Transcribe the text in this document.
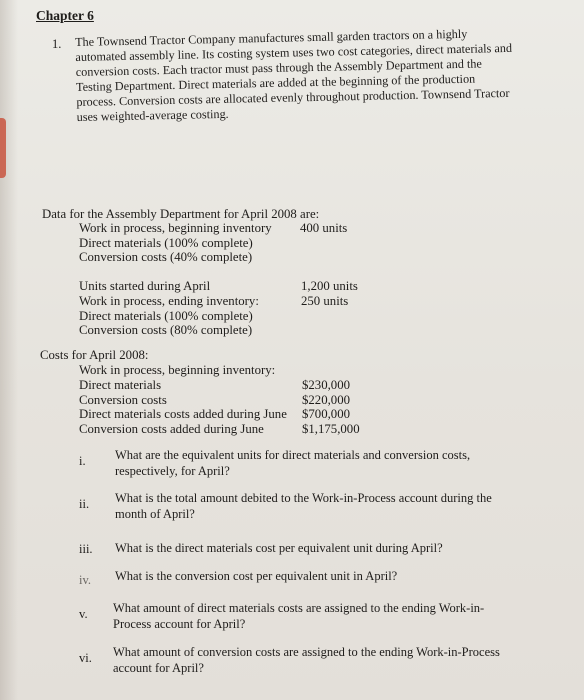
Chapter 6
1. The Townsend Tractor Company manufactures small garden tractors on a highly automated assembly line. Its costing system uses two cost categories, direct materials and conversion costs. Each tractor must pass through the Assembly Department and the Testing Department. Direct materials are added at the beginning of the production process. Conversion costs are allocated evenly throughout production. Townsend Tractor uses weighted-average costing.
Data for the Assembly Department for April 2008 are:
Work in process, beginning inventory 400 units
Direct materials (100% complete)
Conversion costs (40% complete)
Units started during April	1,200 units
Work in process, ending inventory:	250 units
Direct materials (100% complete)
Conversion costs (80% complete)
Costs for April 2008:
Work in process, beginning inventory:
Direct materials	$230,000
Conversion costs	$220,000
Direct materials costs added during June $700,000
Conversion costs added during June	$1,175,000
i. What are the equivalent units for direct materials and conversion costs, respectively, for April?
ii. What is the total amount debited to the Work-in-Process account during the month of April?
iii. What is the direct materials cost per equivalent unit during April?
iv. What is the conversion cost per equivalent unit in April?
v. What amount of direct materials costs are assigned to the ending Work-in-Process account for April?
vi. What amount of conversion costs are assigned to the ending Work-in-Process account for April?
